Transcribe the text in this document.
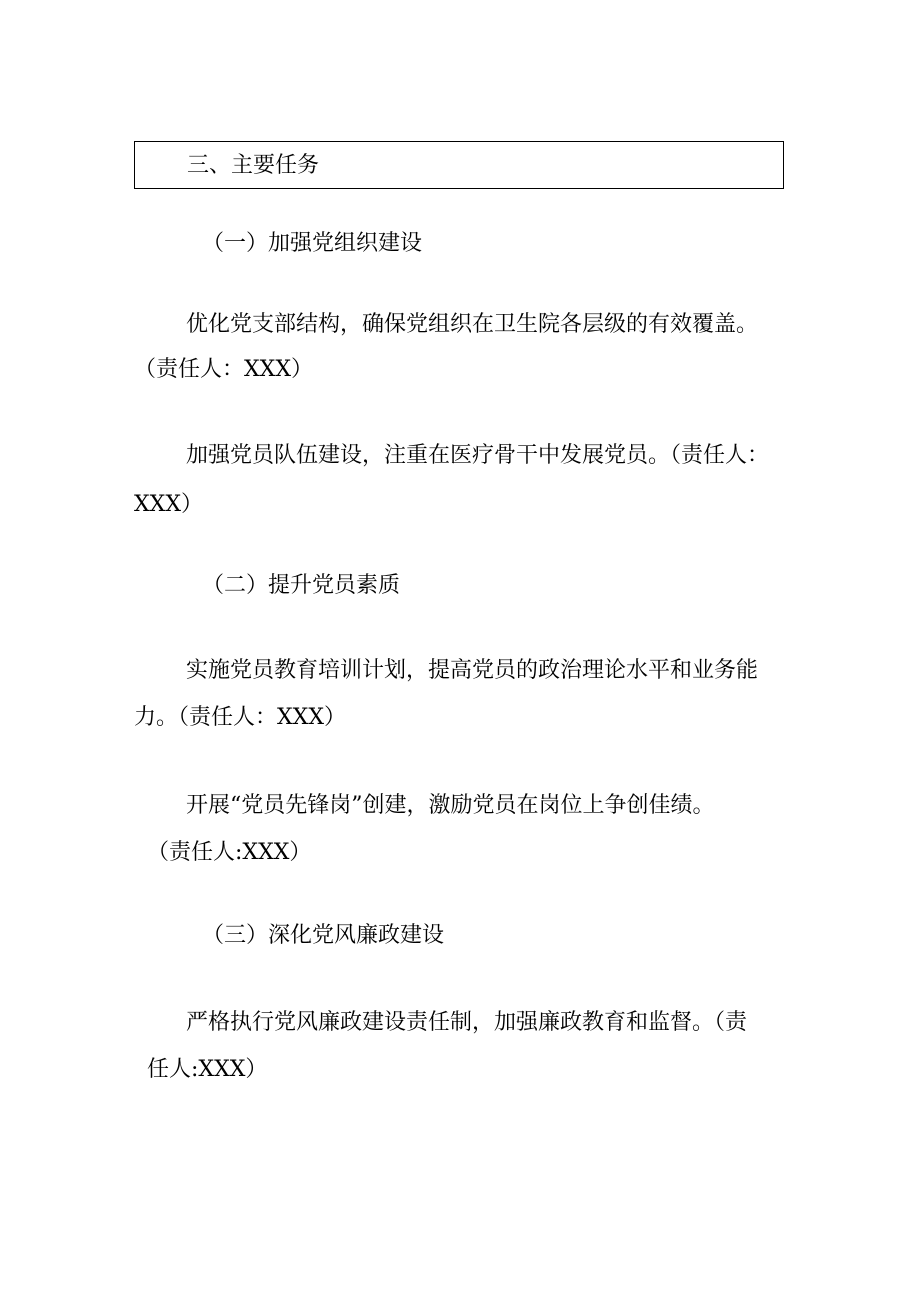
三、主要任务
（一）加强党组织建设
优化党支部结构，确保党组织在卫生院各层级的有效覆盖。
（责任人：XXX）
加强党员队伍建设，注重在医疗骨干中发展党员。（责任人：
XXX）
（二）提升党员素质
实施党员教育培训计划，提高党员的政治理论水平和业务能
力。（责任人：XXX）
开展“党员先锋岗”创建，激励党员在岗位上争创佳绩。
（责任人:XXX）
（三）深化党风廉政建设
严格执行党风廉政建设责任制，加强廉政教育和监督。（责
任人:XXX）
